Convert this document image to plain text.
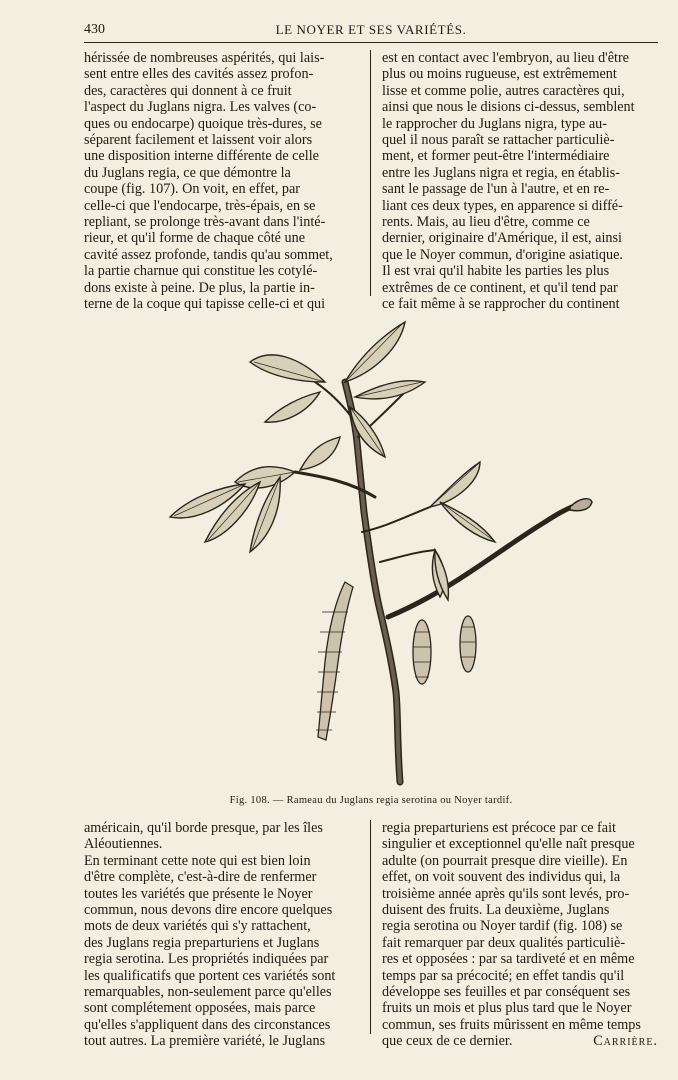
430	LE NOYER ET SES VARIÉTÉS.
hérissée de nombreuses aspérités, qui lais-
sent entre elles des cavités assez profon-
des, caractères qui donnent à ce fruit
l'aspect du Juglans nigra. Les valves (co-
ques ou endocarpe) quoique très-dures, se
séparent facilement et laissent voir alors
une disposition interne différente de celle
du Juglans regia, ce que démontre la
coupe (fig. 107). On voit, en effet, par
celle-ci que l'endocarpe, très-épais, en se
repliant, se prolonge très-avant dans l'inté-
rieur, et qu'il forme de chaque côté une
cavité assez profonde, tandis qu'au sommet,
la partie charnue qui constitue les cotylé-
dons existe à peine. De plus, la partie in-
terne de la coque qui tapisse celle-ci et qui
est en contact avec l'embryon, au lieu d'être
plus ou moins rugueuse, est extrêmement
lisse et comme polie, autres caractères qui,
ainsi que nous le disions ci-dessus, semblent
le rapprocher du Juglans nigra, type au-
quel il nous paraît se rattacher particuliè-
ment, et former peut-être l'intermédiaire
entre les Juglans nigra et regia, en établis-
sant le passage de l'un à l'autre, et en re-
liant ces deux types, en apparence si diffé-
rents. Mais, au lieu d'être, comme ce
dernier, originaire d'Amérique, il est, ainsi
que le Noyer commun, d'origine asiatique.
Il est vrai qu'il habite les parties les plus
extrêmes de ce continent, et qu'il tend par
ce fait même à se rapprocher du continent
Fig. 108. — Rameau du Juglans regia serotina ou Noyer tardif.
américain, qu'il borde presque, par les îles
Aléoutiennes.
En terminant cette note qui est bien loin
d'être complète, c'est-à-dire de renfermer
toutes les variétés que présente le Noyer
commun, nous devons dire encore quelques
mots de deux variétés qui s'y rattachent,
des Juglans regia preparturiens et Juglans
regia serotina. Les propriétés indiquées par
les qualificatifs que portent ces variétés sont
remarquables, non-seulement parce qu'elles
sont complétement opposées, mais parce
qu'elles s'appliquent dans des circonstances
tout autres. La première variété, le Juglans
regia preparturiens est précoce par ce fait
singulier et exceptionnel qu'elle naît presque
adulte (on pourrait presque dire vieille). En
effet, on voit souvent des individus qui, la
troisième année après qu'ils sont levés, pro-
duisent des fruits. La deuxième, Juglans
regia serotina ou Noyer tardif (fig. 108) se
fait remarquer par deux qualités particuliè-
res et opposées : par sa tardiveté et en même
temps par sa précocité; en effet tandis qu'il
développe ses feuilles et par conséquent ses
fruits un mois et plus plus tard que le Noyer
commun, ses fruits mûrissent en même temps
que ceux de ce dernier.	Carrière.
